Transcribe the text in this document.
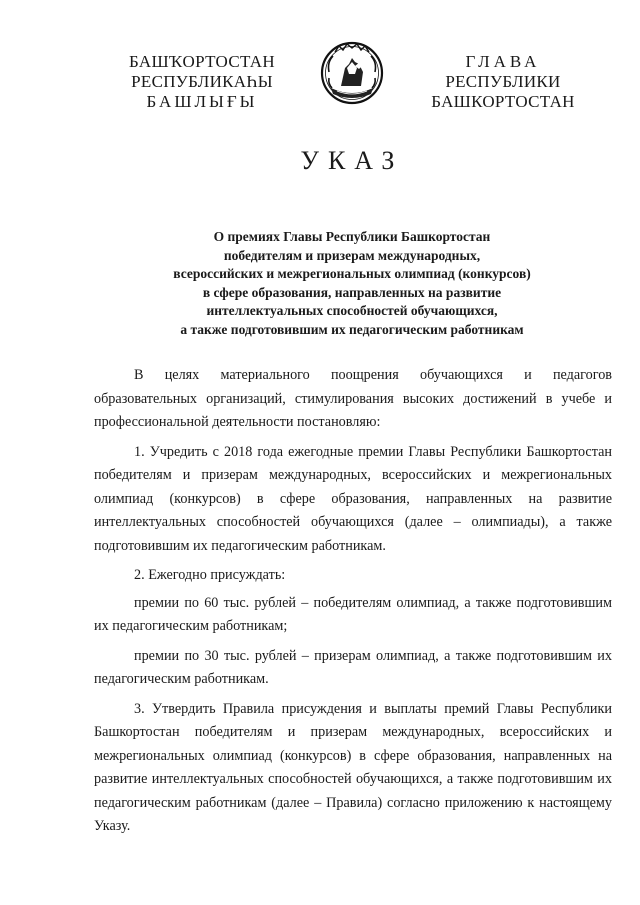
БАШҠОРТОСТАН
РЕСПУБЛИКАҺЫ
БАШЛЫҒЫ
ГЛАВА
РЕСПУБЛИКИ
БАШКОРТОСТАН
УКАЗ
О премиях Главы Республики Башкортостан
победителям и призерам международных,
всероссийских и межрегиональных олимпиад (конкурсов)
в сфере образования, направленных на развитие
интеллектуальных способностей обучающихся,
а также подготовившим их педагогическим работникам

В целях материального поощрения обучающихся и педагогов образовательных организаций, стимулирования высоких достижений в учебе и профессиональной деятельности постановляю:

1. Учредить с 2018 года ежегодные премии Главы Республики Башкортостан победителям и призерам международных, всероссийских и межрегиональных олимпиад (конкурсов) в сфере образования, направленных на развитие интеллектуальных способностей обучающихся (далее – олимпиады), а также подготовившим их педагогическим работникам.

2. Ежегодно присуждать:

премии по 60 тыс. рублей – победителям олимпиад, а также подготовившим их педагогическим работникам;

премии по 30 тыс. рублей – призерам олимпиад, а также подготовившим их педагогическим работникам.

3. Утвердить Правила присуждения и выплаты премий Главы Республики Башкортостан победителям и призерам международных, всероссийских и межрегиональных олимпиад (конкурсов) в сфере образования, направленных на развитие интеллектуальных способностей обучающихся, а также подготовившим их педагогическим работникам (далее – Правила) согласно приложению к настоящему Указу.
